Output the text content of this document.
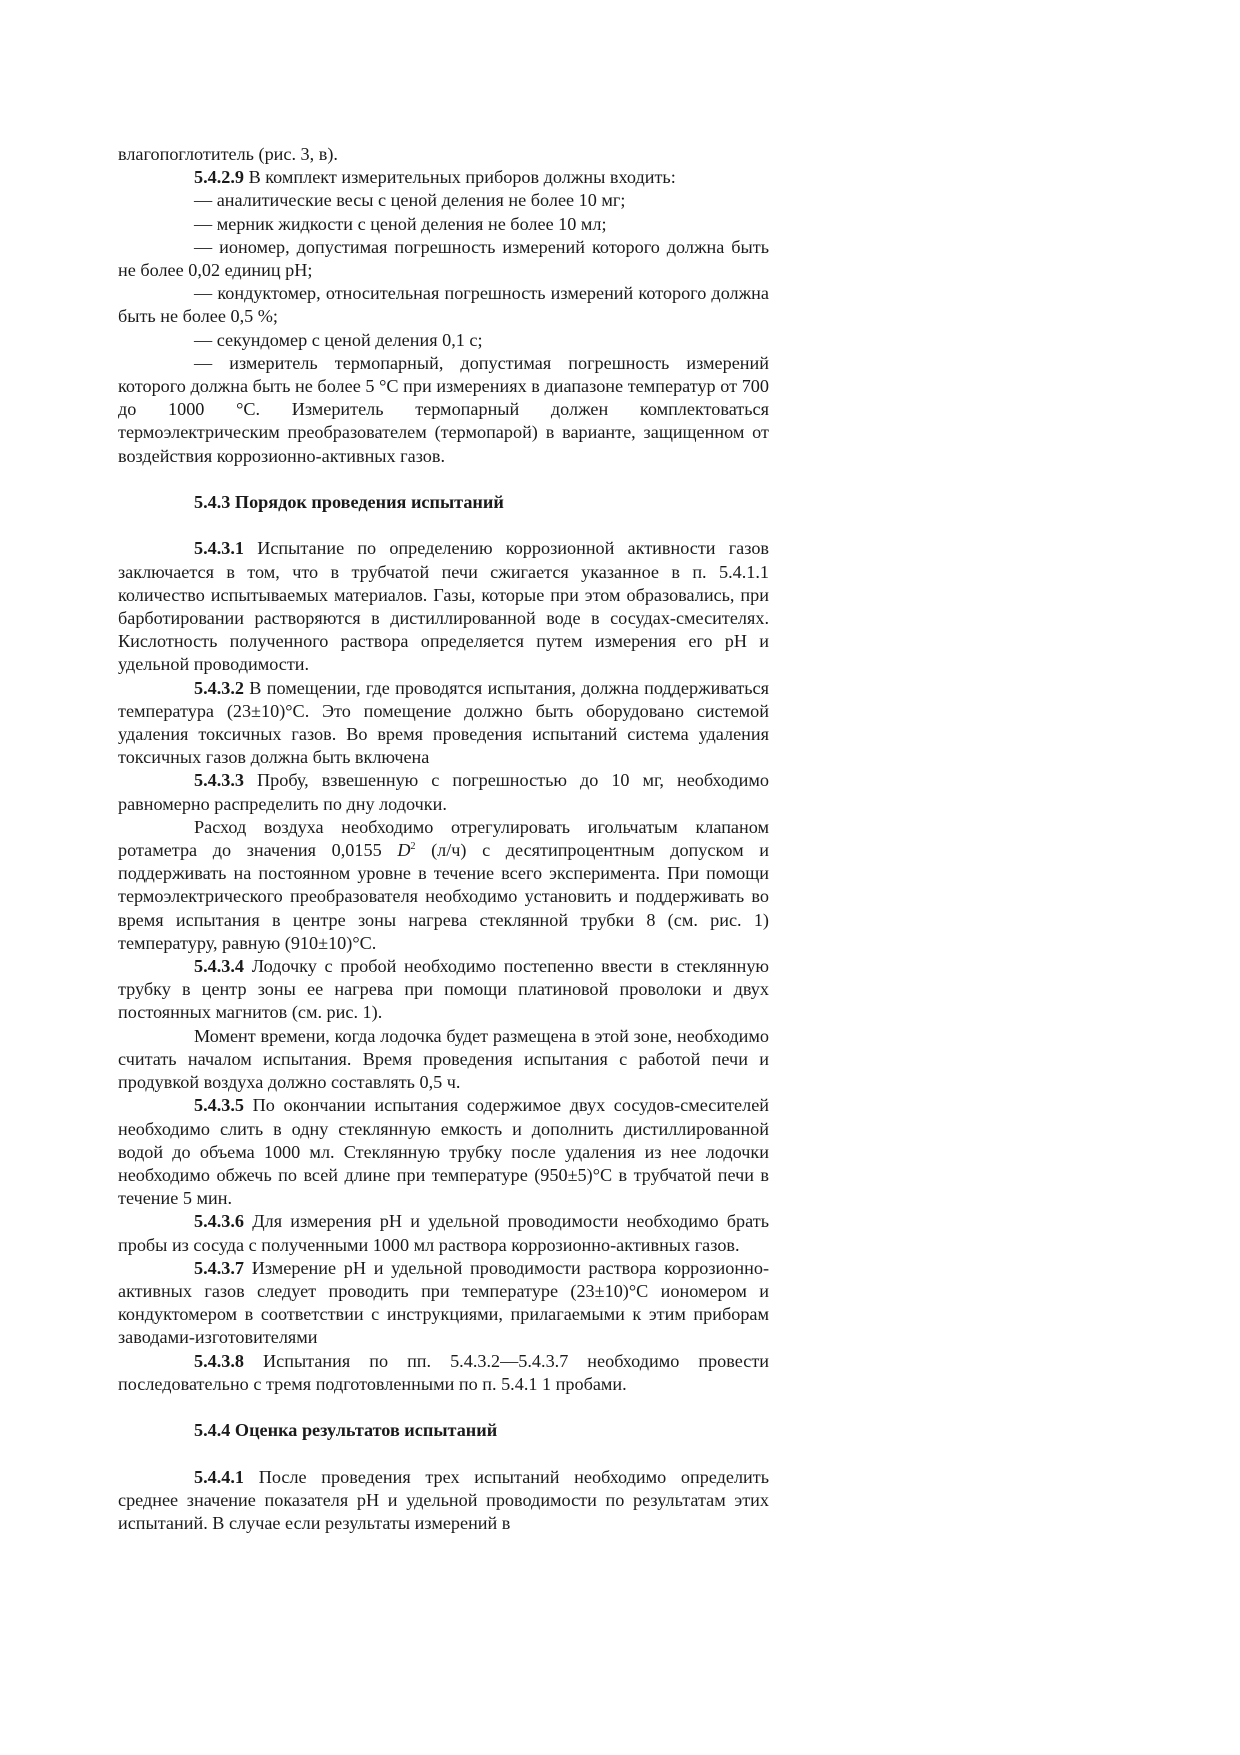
влагопоглотитель (рис. 3, в).

5.4.2.9 В комплект измерительных приборов должны входить:

— аналитические весы с ценой деления не более 10 мг;

— мерник жидкости с ценой деления не более 10 мл;

— иономер, допустимая погрешность измерений которого должна быть не более 0,02 единиц pH;

— кондуктомер, относительная погрешность измерений которого должна быть не более 0,5 %;

— секундомер с ценой деления 0,1 с;

— измеритель термопарный, допустимая погрешность измерений которого должна быть не более 5 °С при измерениях в диапазоне температур от 700 до 1000 °С. Измеритель термопарный должен комплектоваться термоэлектрическим преобразователем (термопарой) в варианте, защищенном от воздействия коррозионно-активных газов.

5.4.3 Порядок проведения испытаний

5.4.3.1 Испытание по определению коррозионной активности газов заключается в том, что в трубчатой печи сжигается указанное в п. 5.4.1.1 количество испытываемых материалов. Газы, которые при этом образовались, при барботировании растворяются в дистиллированной воде в сосудах-смесителях. Кислотность полученного раствора определяется путем измерения его pH и удельной проводимости.

5.4.3.2 В помещении, где проводятся испытания, должна поддерживаться температура (23±10)°С. Это помещение должно быть оборудовано системой удаления токсичных газов. Во время проведения испытаний система удаления токсичных газов должна быть включена

5.4.3.3 Пробу, взвешенную с погрешностью до 10 мг, необходимо равномерно распределить по дну лодочки.

Расход воздуха необходимо отрегулировать игольчатым клапаном ротаметра до значения 0,0155 $D^2$ (л/ч) с десятипроцентным допуском и поддерживать на постоянном уровне в течение всего эксперимента. При помощи термоэлектрического преобразователя необходимо установить и поддерживать во время испытания в центре зоны нагрева стеклянной трубки 8 (см. рис. 1) температуру, равную (910±10)°С.

5.4.3.4 Лодочку с пробой необходимо постепенно ввести в стеклянную трубку в центр зоны ее нагрева при помощи платиновой проволоки и двух постоянных магнитов (см. рис. 1).

Момент времени, когда лодочка будет размещена в этой зоне, необходимо считать началом испытания. Время проведения испытания с работой печи и продувкой воздуха должно составлять 0,5 ч.

5.4.3.5 По окончании испытания содержимое двух сосудов-смесителей необходимо слить в одну стеклянную емкость и дополнить дистиллированной водой до объема 1000 мл. Стеклянную трубку после удаления из нее лодочки необходимо обжечь по всей длине при температуре (950±5)°С в трубчатой печи в течение 5 мин.

5.4.3.6 Для измерения pH и удельной проводимости необходимо брать пробы из сосуда с полученными 1000 мл раствора коррозионно-активных газов.

5.4.3.7 Измерение pH и удельной проводимости раствора коррозионно-активных газов следует проводить при температуре (23±10)°С иономером и кондуктомером в соответствии с инструкциями, прилагаемыми к этим приборам заводами-изготовителями

5.4.3.8 Испытания по пп. 5.4.3.2—5.4.3.7 необходимо провести последовательно с тремя подготовленными по п. 5.4.1 1 пробами.

5.4.4 Оценка результатов испытаний

5.4.4.1 После проведения трех испытаний необходимо определить среднее значение показателя pH и удельной проводимости по результатам этих испытаний. В случае если результаты измерений в
